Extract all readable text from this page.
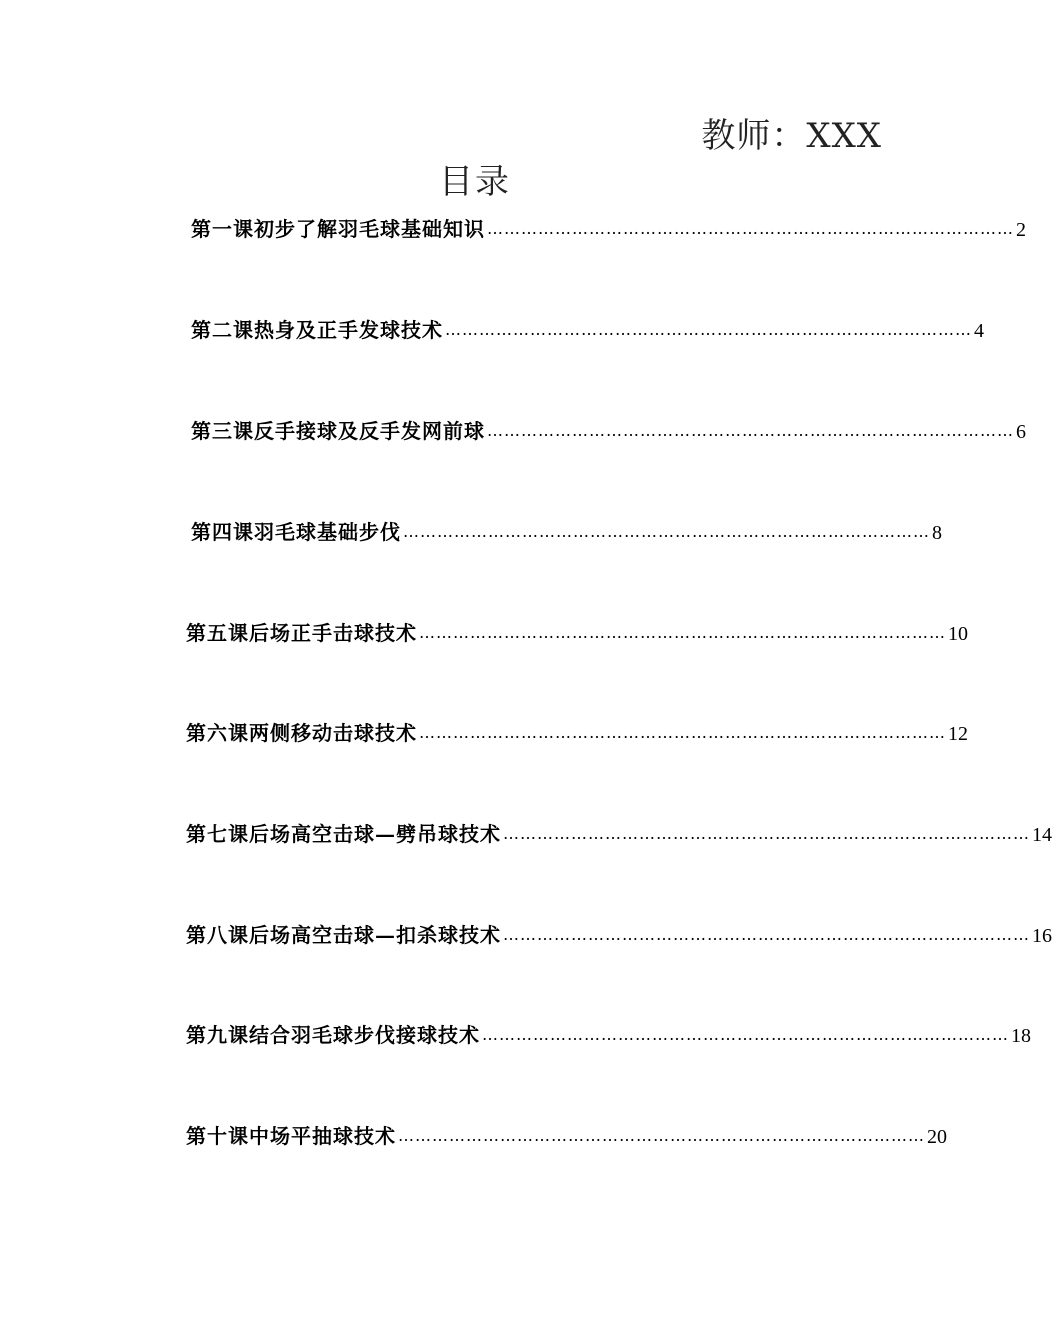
教师：XXX
目录
第一课初步了解羽毛球基础知识 ………………………………………………………………………………… 2
第二课热身及正手发球技术 ………………………………………………………………………………… 4
第三课反手接球及反手发网前球 ………………………………………………………………………………… 6
第四课羽毛球基础步伐 ………………………………………………………………………………… 8
第五课后场正手击球技术 ………………………………………………………………………………… 10
第六课两侧移动击球技术 ………………………………………………………………………………… 12
第七课后场高空击球—劈吊球技术 ………………………………………………………………………………… 14
第八课后场高空击球—扣杀球技术 ………………………………………………………………………………… 16
第九课结合羽毛球步伐接球技术 ………………………………………………………………………………… 18
第十课中场平抽球技术 ………………………………………………………………………………… 20
